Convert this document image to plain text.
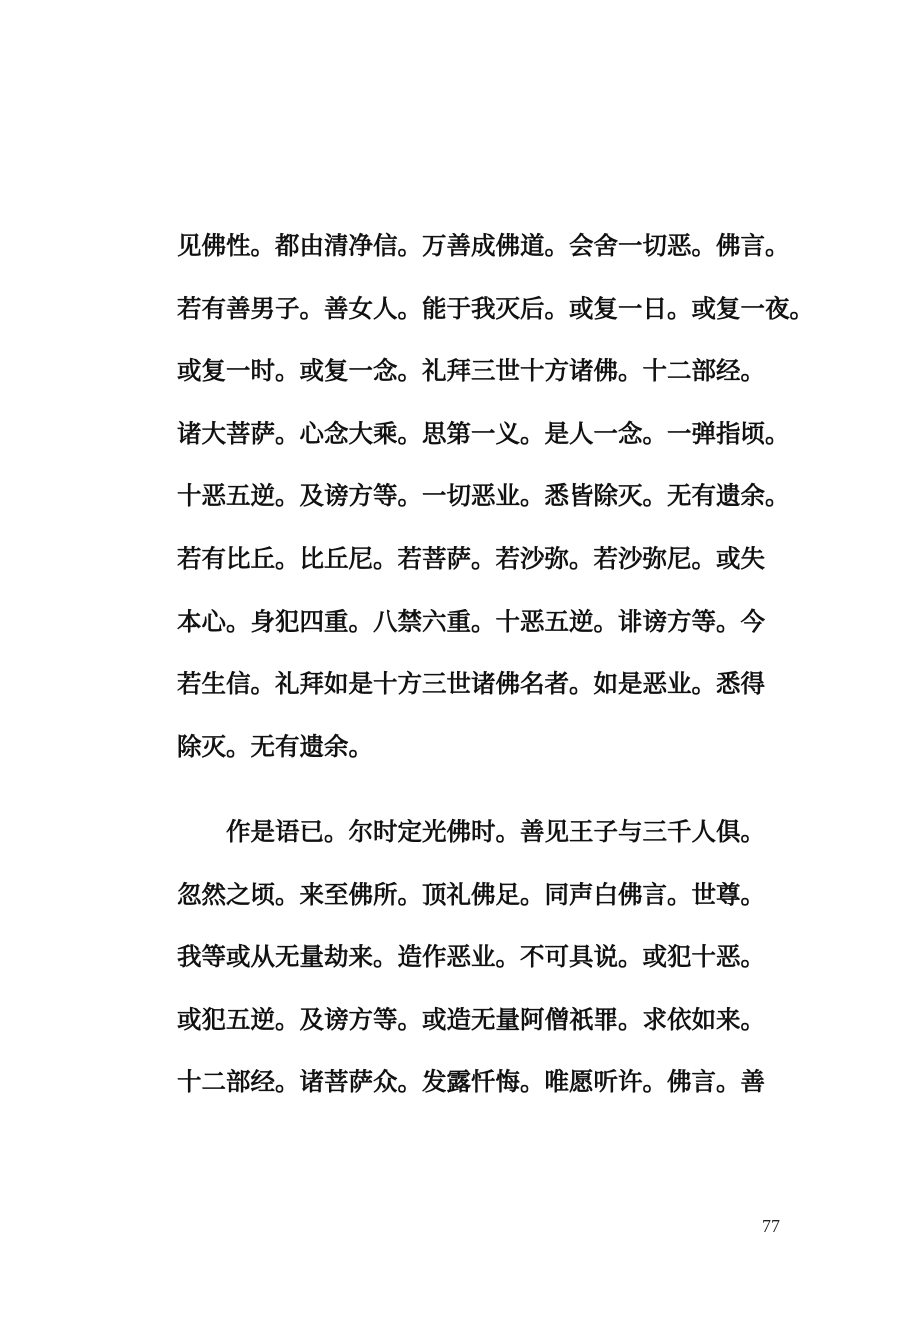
见佛性。都由清净信。万善成佛道。会舍一切恶。佛言。
若有善男子。善女人。能于我灭后。或复一日。或复一夜。
或复一时。或复一念。礼拜三世十方诸佛。十二部经。
诸大菩萨。心念大乘。思第一义。是人一念。一弹指顷。
十恶五逆。及谤方等。一切恶业。悉皆除灭。无有遗余。
若有比丘。比丘尼。若菩萨。若沙弥。若沙弥尼。或失
本心。身犯四重。八禁六重。十恶五逆。诽谤方等。今
若生信。礼拜如是十方三世诸佛名者。如是恶业。悉得
除灭。无有遗余。
作是语已。尔时定光佛时。善见王子与三千人俱。
忽然之顷。来至佛所。顶礼佛足。同声白佛言。世尊。
我等或从无量劫来。造作恶业。不可具说。或犯十恶。
或犯五逆。及谤方等。或造无量阿僧祇罪。求依如来。
十二部经。诸菩萨众。发露忏悔。唯愿听许。佛言。善
77
